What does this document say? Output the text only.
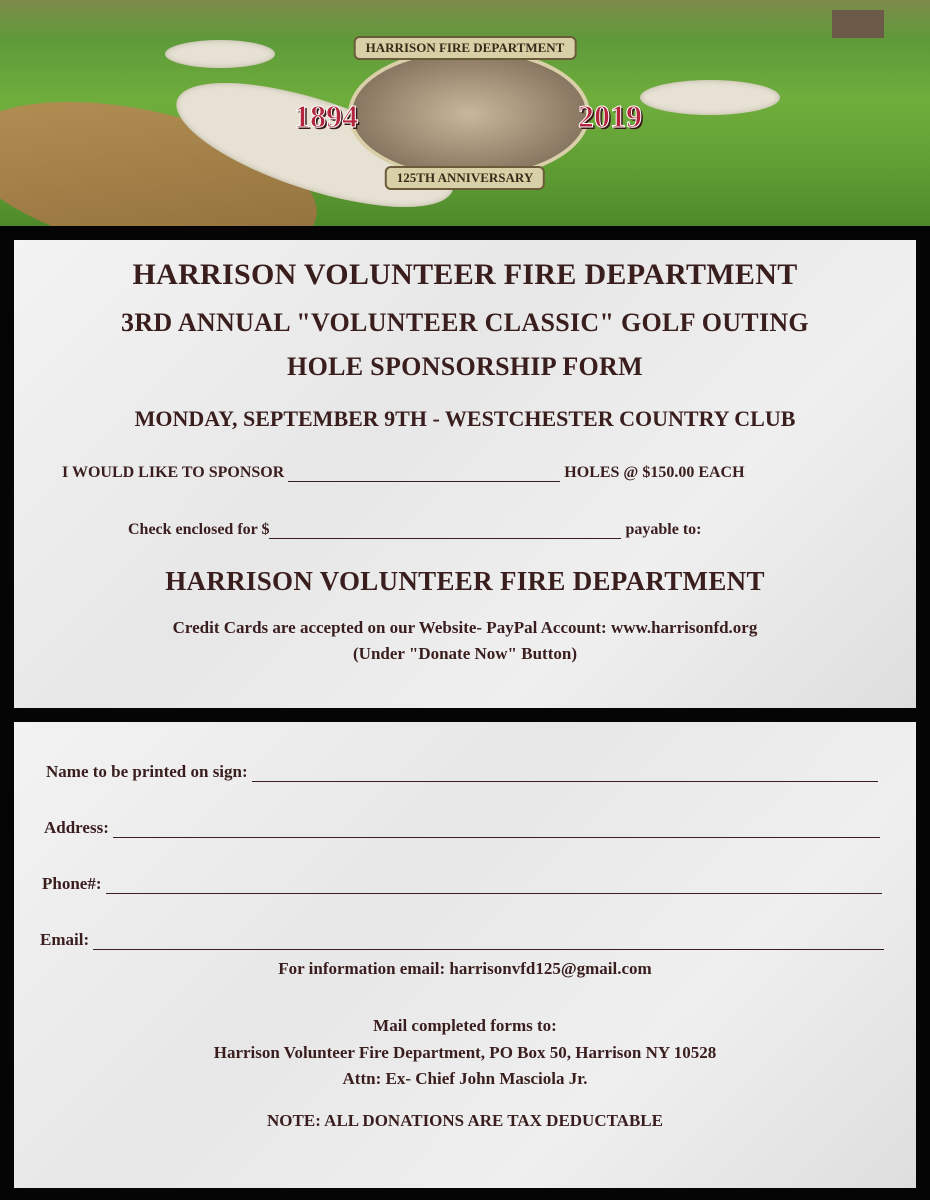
HARRISON FIRE DEPARTMENT
125TH ANNIVERSARY
1894	2019
HARRISON VOLUNTEER FIRE DEPARTMENT
3RD ANNUAL "VOLUNTEER CLASSIC" GOLF OUTING
HOLE SPONSORSHIP FORM
MONDAY, SEPTEMBER 9TH - WESTCHESTER COUNTRY CLUB
I WOULD LIKE TO SPONSOR	HOLES @ $150.00 EACH
Check enclosed for $	payable to:
HARRISON VOLUNTEER FIRE DEPARTMENT
Credit Cards are accepted on our Website- PayPal Account: www.harrisonfd.org
(Under "Donate Now" Button)
Name to be printed on sign:
Address:
Phone#:
Email:
For information email: harrisonvfd125@gmail.com
Mail completed forms to:
Harrison Volunteer Fire Department, PO Box 50, Harrison NY 10528
Attn: Ex- Chief John Masciola Jr.
NOTE: ALL DONATIONS ARE TAX DEDUCTABLE
